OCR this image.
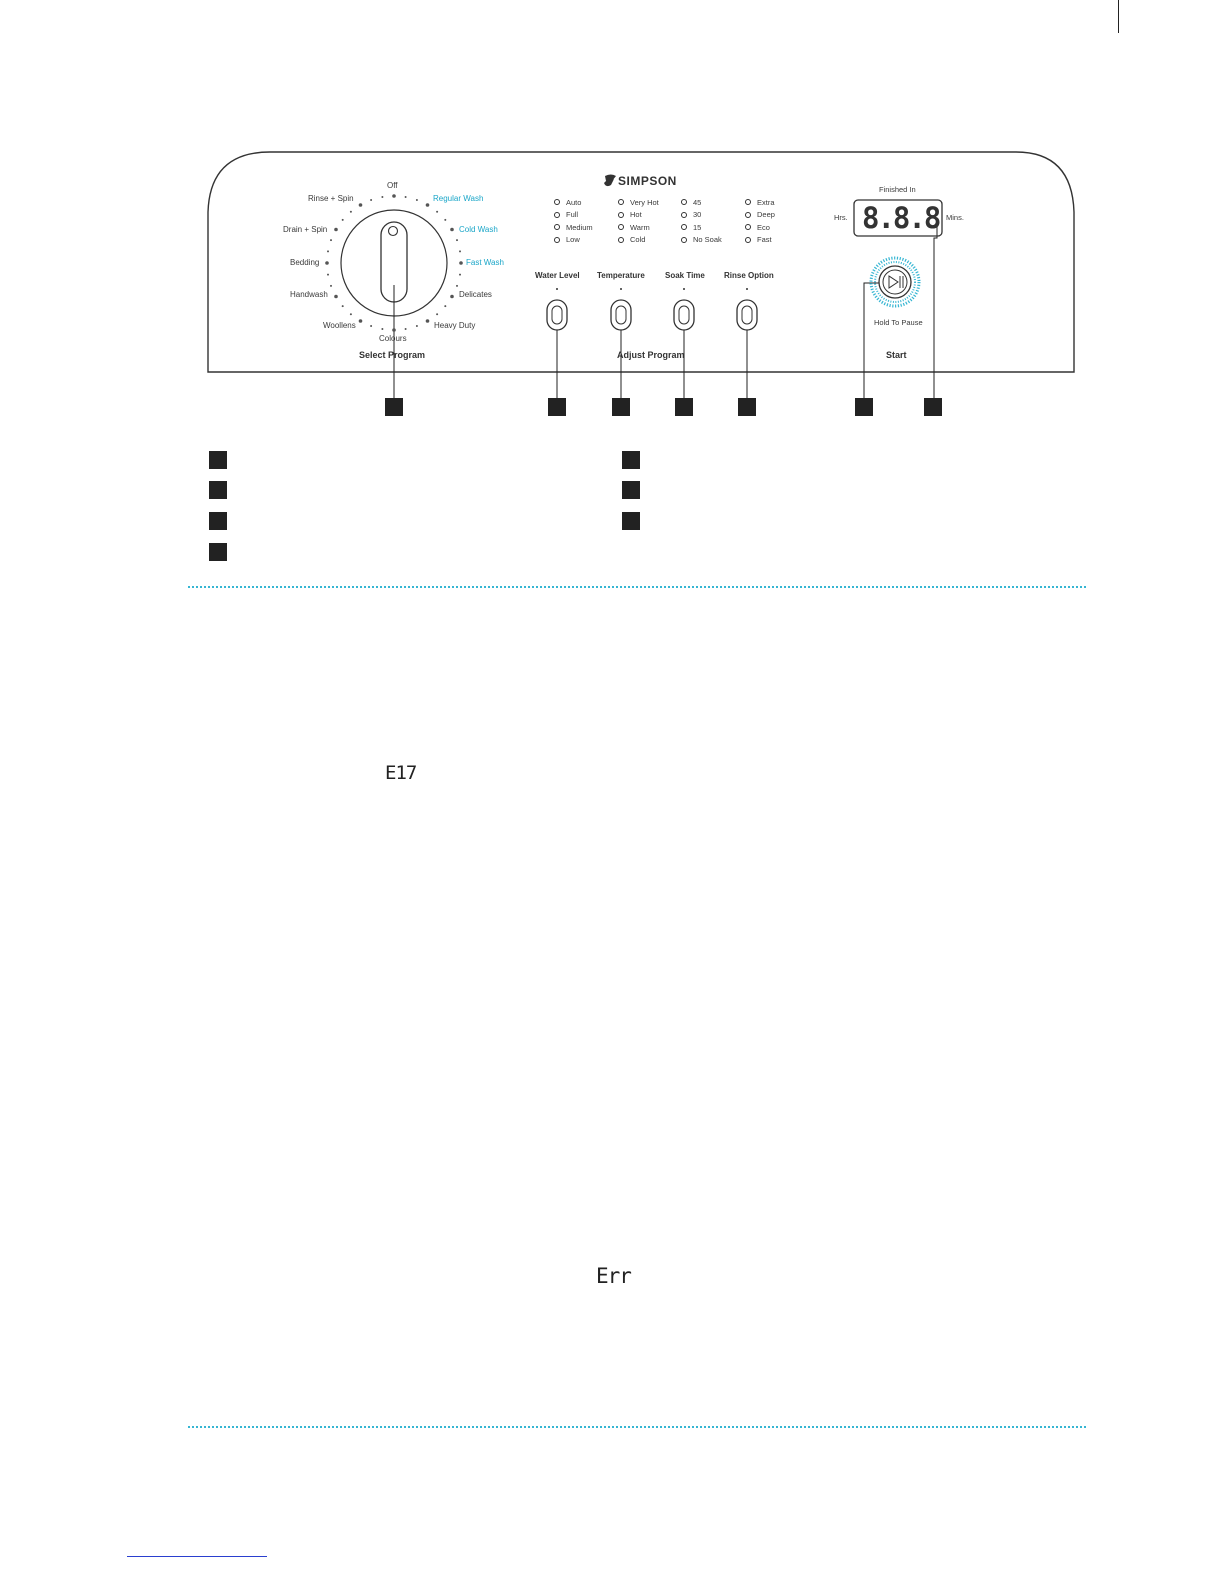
SIMPSON
Off
Regular Wash
Cold Wash
Fast Wash
Delicates
Heavy Duty
Colours
Woollens
Handwash
Bedding
Drain + Spin
Rinse + Spin
Select Program
Auto
Full
Medium
Low
Very Hot
Hot
Warm
Cold
45
30
15
No Soak
Extra
Deep
Eco
Fast
Water Level Temperature	Soak Time Rinse Option
Adjust Program
Finished In
Hrs.	Mins.
8.8.8
Hold To Pause
Start
E17
Err
